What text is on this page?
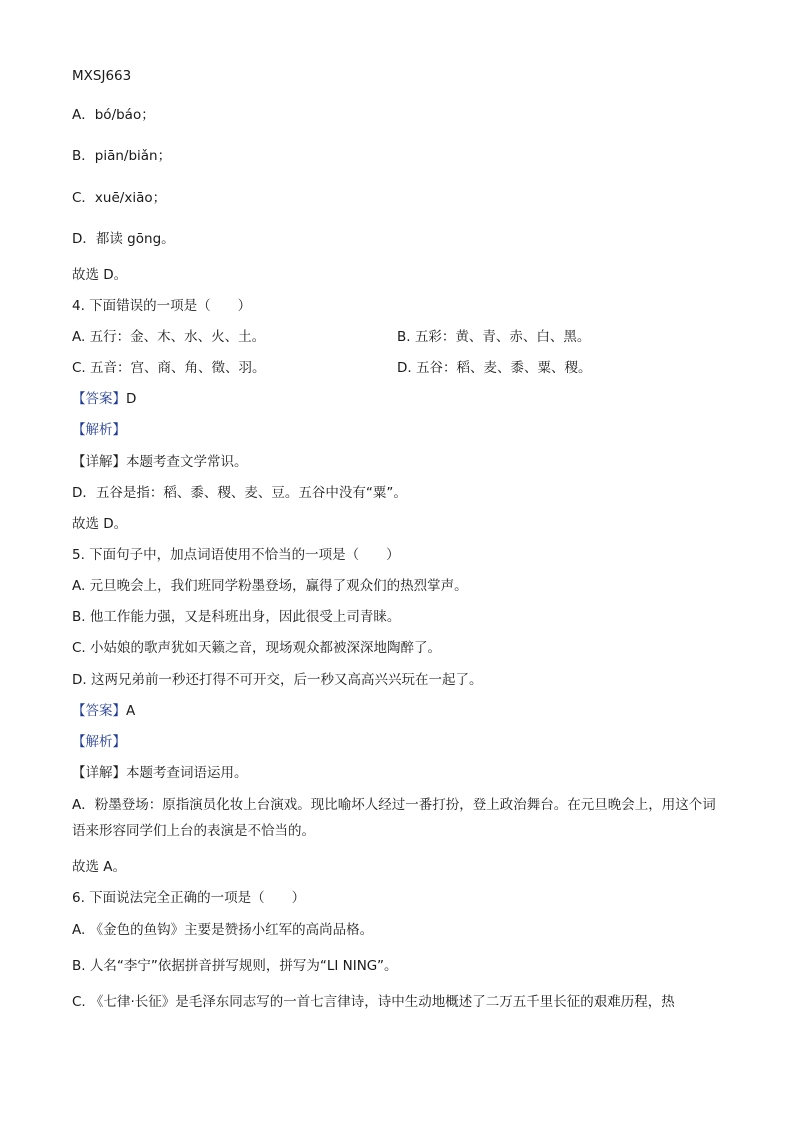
MXSJ663
A．bó/báo；
B．piān/biǎn；
C．xuē/xiāo；
D．都读 gōng。
故选 D。
4. 下面错误的一项是（　　）
A. 五行：金、木、水、火、土。	B. 五彩：黄、青、赤、白、黑。
C. 五音：宫、商、角、徵、羽。	D. 五谷：稻、麦、黍、粟、稷。
【答案】D
【解析】
【详解】本题考查文学常识。
D．五谷是指：稻、黍、稷、麦、豆。五谷中没有“粟”。
故选 D。
5. 下面句子中，加点词语使用不恰当的一项是（　　）
A. 元旦晚会上，我们班同学粉墨登场，赢得了观众们的热烈掌声。
B. 他工作能力强，又是科班出身，因此很受上司青睐。
C. 小姑娘的歌声犹如天籁之音，现场观众都被深深地陶醉了。
D. 这两兄弟前一秒还打得不可开交，后一秒又高高兴兴玩在一起了。
【答案】A
【解析】
【详解】本题考查词语运用。
A．粉墨登场：原指演员化妆上台演戏。现比喻坏人经过一番打扮，登上政治舞台。在元旦晚会上，用这个词语来形容同学们上台的表演是不恰当的。
故选 A。
6. 下面说法完全正确的一项是（　　）
A. 《金色的鱼钩》主要是赞扬小红军的高尚品格。
B. 人名“李宁”依据拼音拼写规则，拼写为“LI NING”。
C. 《七律·长征》是毛泽东同志写的一首七言律诗，诗中生动地概述了二万五千里长征的艰难历程，热
